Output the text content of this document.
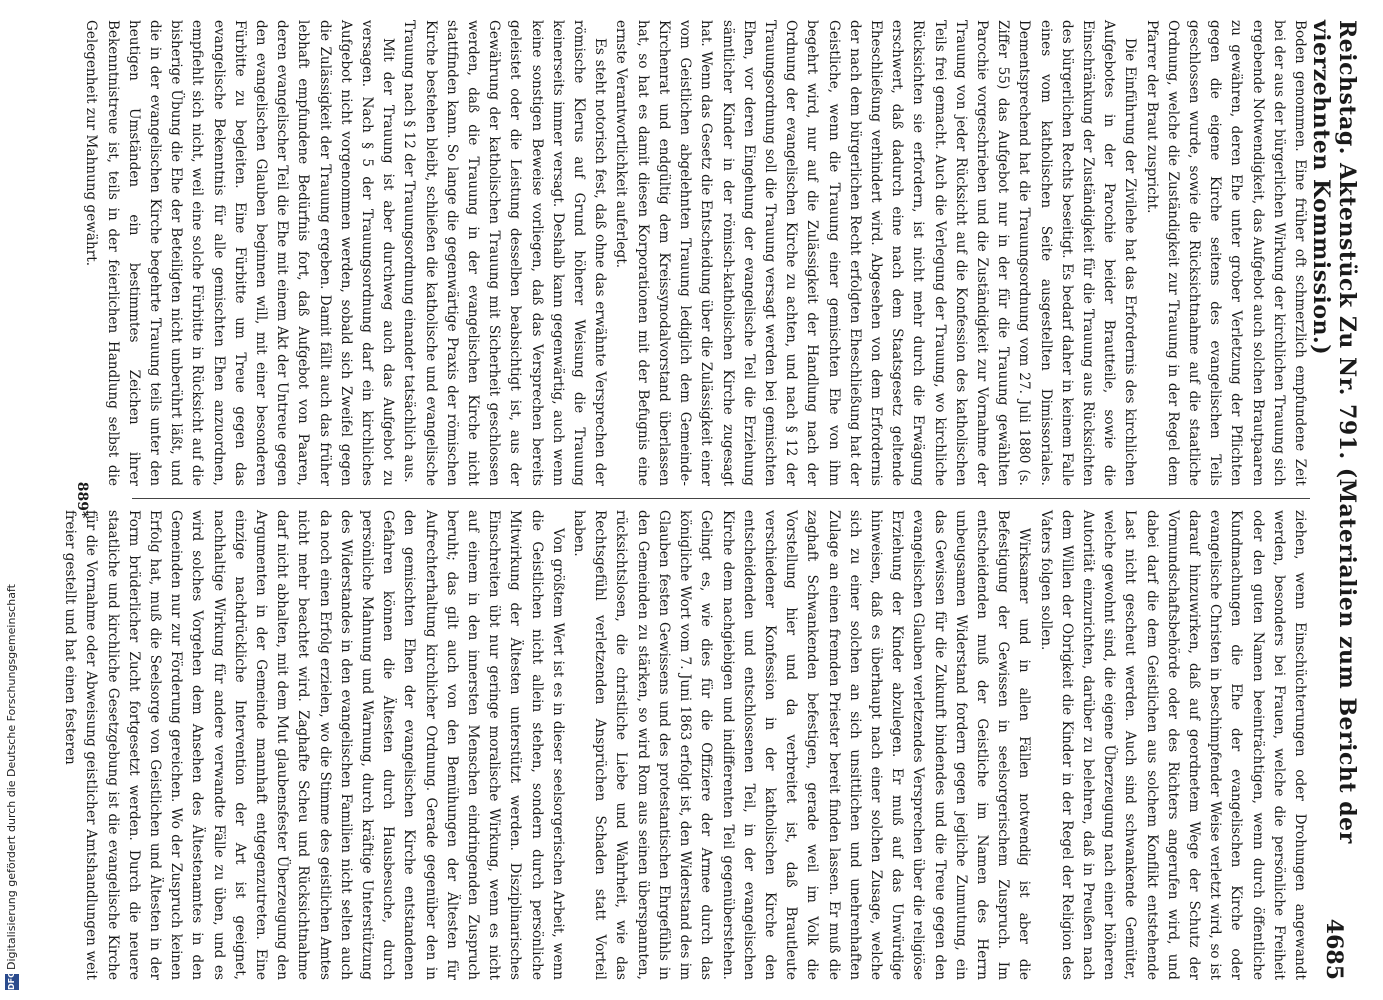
DFG
Digitalisierung gefördert durch die Deutsche Forschungsgemeinschaft	Reichstag. Aktenstück Zu Nr. 791. (Materialien zum Bericht der vierzehnten Kommission.)
4685

Boden genommen. Eine früher oft schmerzlich empfundene Zeit bei der aus der bürgerlichen Wirkung der kirchlichen Trauung sich ergebende Notwendigkeit, das Aufgebot auch solchen Brautpaaren zu gewähren, deren Ehe unter grober Verletzung der Pflichten gegen die eigene Kirche seitens des evangelischen Teils geschlossen wurde, sowie die Rücksichtnahme auf die staatliche Ordnung, welche die Zuständigkeit zur Trauung in der Regel dem Pfarrer der Braut zuspricht.

Die Einführung der Zivilehe hat das Erfordernis des kirchlichen Aufgebotes in der Parochie beider Brautteile, sowie die Einschränkung der Zuständigkeit für die Trauung aus Rücksichten des bürgerlichen Rechts beseitigt. Es bedarf daher in keinem Falle eines vom katholischen Seite ausgestellten Dimissoriales. Dementsprechend hat die Trauungsordnung vom 27. Juli 1880 (s. Ziffer 55) das Aufgebot nur in der für die Trauung gewählten Parochie vorgeschrieben und die Zuständigkeit zur Vornahme der Trauung von jeder Rücksicht auf die Konfession des katholischen Teils frei gemacht. Auch die Verlegung der Trauung, wo kirchliche Rücksichten sie erfordern, ist nicht mehr durch die Erwägung erschwert, daß dadurch eine nach dem Staatsgesetz geltende Eheschließung verhindert wird. Abgesehen von dem Erfordernis der nach dem bürgerlichen Recht erfolgten Eheschließung hat der Geistliche, wenn die Trauung einer gemischten Ehe von ihm begehrt wird, nur auf die Zulässigkeit der Handlung nach der Ordnung der evangelischen Kirche zu achten, und nach § 12 der Trauungsordnung soll die Trauung versagt werden bei gemischten Ehen, vor deren Eingehung der evangelische Teil die Erziehung sämtlicher Kinder in der römisch-katholischen Kirche zugesagt hat. Wenn das Gesetz die Entscheidung über die Zulässigkeit einer vom Geistlichen abgelehnten Trauung lediglich dem Gemeinde-Kirchenrat und endgültig dem Kreissynodalvorstand überlassen hat, so hat es damit diesen Korporationen mit der Befugnis eine ernste Verantwortlichkeit auferlegt.

Es steht notorisch fest, daß ohne das erwähnte Versprechen der römische Klerus auf Grund höherer Weisung die Trauung keinerseits immer versagt. Deshalb kann gegenwärtig, auch wenn keine sonstigen Beweise vorliegen, daß das Versprechen bereits geleistet oder die Leistung desselben beabsichtigt ist, aus der Gewährung der katholischen Trauung mit Sicherheit geschlossen werden, daß die Trauung in der evangelischen Kirche nicht stattfinden kann. So lange die gegenwärtige Praxis der römischen Kirche bestehen bleibt, schließen die katholische und evangelische Trauung nach § 12 der Trauungsordnung einander tatsächlich aus.

Mit der Trauung ist aber durchweg auch das Aufgebot zu versagen. Nach § 5 der Trauungsordnung darf ein kirchliches Aufgebot nicht vorgenommen werden, sobald sich Zweifel gegen die Zulässigkeit der Trauung ergeben. Damit fällt auch das früher lebhaft empfundene Bedürfnis fort, daß Aufgebot von Paaren, deren evangelischer Teil die Ehe mit einem Akt der Untreue gegen den evangelischen Glauben beginnen will, mit einer besonderen Fürbitte zu begleiten. Eine Fürbitte um Treue gegen das evangelische Bekenntnis für alle gemischten Ehen anzuordnen, empfiehlt sich nicht, weil eine solche Fürbitte in Rücksicht auf die bisherige Übung die Ehe der Beteiligten nicht unberührt läßt, und die in der evangelischen Kirche begehrte Trauung teils unter den heutigen Umständen ein bestimmtes Zeichen ihrer Bekenntnistreue ist, teils in der feierlichen Handlung selbst die Gelegenheit zur Mahnung gewährt.

ziehen, wenn Einschüchterungen oder Drohungen angewandt werden, besonders bei Frauen, welche die persönliche Freiheit oder den guten Namen beeinträchtigen, wenn durch öffentliche Kundmachungen die Ehe der evangelischen Kirche oder evangelische Christen in beschimpfender Weise verletzt wird, so ist darauf hinzuwirken, daß auf geordnetem Wege der Schutz der Vormundschaftsbehörde oder des Richters angerufen wird, und dabei darf die dem Geistlichen aus solchem Konflikt entstehende Last nicht gescheut werden. Auch sind schwankende Gemüter, welche gewohnt sind, die eigene Überzeugung nach einer höheren Autorität einzurichten, darüber zu belehren, daß in Preußen nach dem Willen der Obrigkeit die Kinder in der Regel der Religion des Vaters folgen sollen.

Wirksamer und in allen Fällen notwendig ist aber die Befestigung der Gewissen in seelsorgerischem Zuspruch. Im entscheidenden muß der Geistliche im Namen des Herrn unbeugsamen Widerstand fordern gegen jegliche Zumutung, ein das Gewissen für die Zukunft bindendes und die Treue gegen den evangelischen Glauben verletzendes Versprechen über die religiöse Erziehung der Kinder abzulegen. Er muß auf das Unwürdige hinweisen, daß es überhaupt nach einer solchen Zusage, welche sich zu einer solchen an sich unsittlichen und unehrenhaften Zulage an einen fremden Priester bereit finden lassen. Er muß die zaghaft Schwankenden befestigen, gerade weil im Volk die Vorstellung hier und da verbreitet ist, daß Brautleute verschiedener Konfession in der katholischen Kirche den entscheidenden und entschlossenen Teil, in der evangelischen Kirche dem nachgiebigen und indifferenten Teil gegenüberstehen. Gelingt es, wie dies für die Offiziere der Armee durch das königliche Wort vom 7. Juni 1863 erfolgt ist, den Widerstand des im Glauben festen Gewissens und des protestantischen Ehrgefühls in den Gemeinden zu stärken, so wird Rom aus seinen überspannten, rücksichtslosen, die christliche Liebe und Wahrheit, wie das Rechtsgefühl verletzenden Ansprüchen Schaden statt Vorteil haben.

Von größtem Wert ist es in dieser seelsorgerischen Arbeit, wenn die Geistlichen nicht allein stehen, sondern durch persönliche Mitwirkung der Ältesten unterstützt werden. Disziplinarisches Einschreiten übt nur geringe moralische Wirkung, wenn es nicht auf einem in den innersten Menschen eindringenden Zuspruch beruht; das gilt auch von den Bemühungen der Ältesten für Aufrechterhaltung kirchlicher Ordnung. Gerade gegenüber den in den gemischten Ehen der evangelischen Kirche entstandenen Gefahren können die Ältesten durch Hausbesuche, durch persönliche Mahnung und Warnung, durch kräftige Unterstützung des Widerstandes in den evangelischen Familien nicht selten auch da noch einen Erfolg erzielen, wo die Stimme des geistlichen Amtes nicht mehr beachtet wird. Zaghafte Scheu und Rücksichtnahme darf nicht abhalten, mit dem Mut glaubensfester Überzeugung den Argumenten in der Gemeinde mannhaft entgegenzutreten. Eine einzige nachdrückliche Intervention der Art ist geeignet, nachhaltige Wirkung für andere verwandte Fälle zu üben, und es wird solches Vorgehen dem Ansehen des Ältestenamtes in den Gemeinden nur zur Förderung gereichen. Wo der Zuspruch keinen Erfolg hat, muß die Seelsorge von Geistlichen und Ältesten in der Form brüderlicher Zucht fortgesetzt werden. Durch die neuere staatliche und kirchliche Gesetzgebung ist die evangelische Kirche für die Vornahme oder Abweisung geistlicher Amtshandlungen weit freier gestellt und hat einen festeren

889*
